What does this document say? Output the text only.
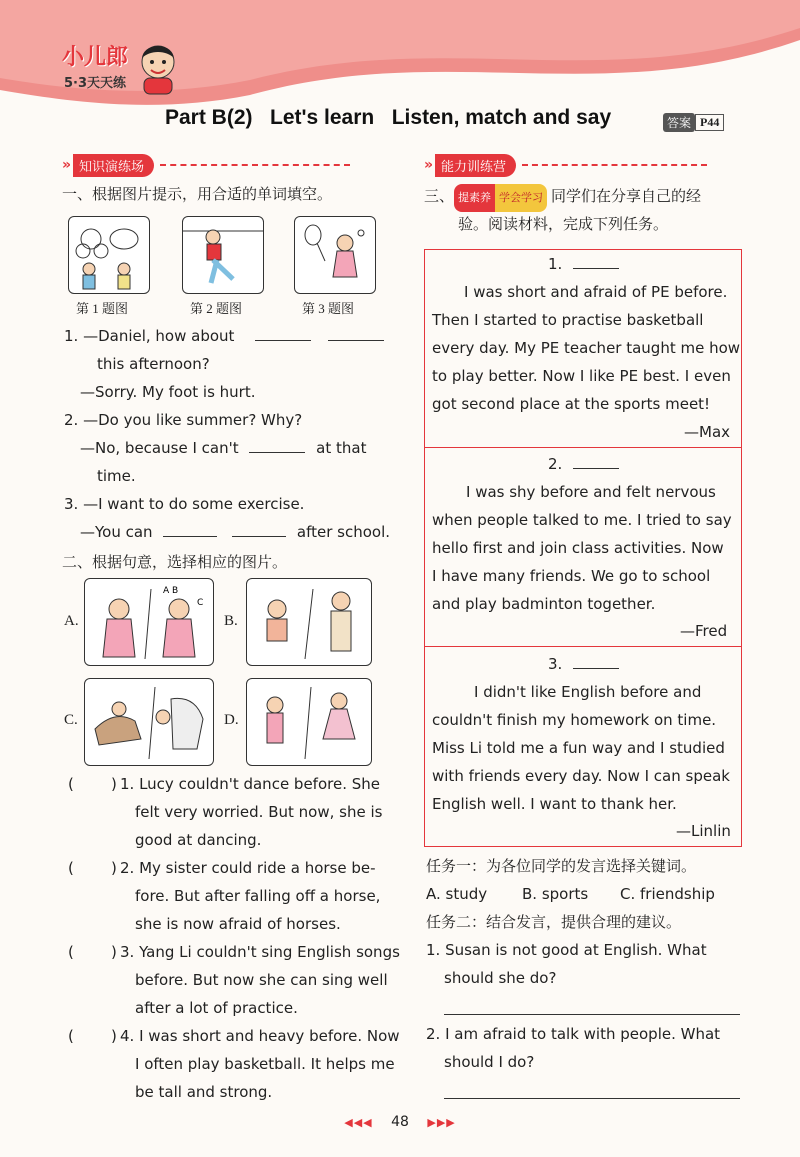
小儿郎
5·3天天练
Part B(2)   Let's learn   Listen, match and say	答案 P44
» 知识演练场
一、根据图片提示，用合适的单词填空。
第 1 题图	第 2 题图	第 3 题图
1. —Daniel, how about
this afternoon?
—Sorry. My foot is hurt.
2. —Do you like summer? Why?
—No, because I can't	at that
time.
3. —I want to do some exercise.
—You can	after school.
二、根据句意，选择相应的图片。
A.
A B
C
B.
C.	D.
( ) 1. Lucy couldn't dance before. She
felt very worried. But now, she is
good at dancing.
( ) 2. My sister could ride a horse be-
fore. But after falling off a horse,
she is now afraid of horses.
( ) 3. Yang Li couldn't sing English songs
before. But now she can sing well
after a lot of practice.
( ) 4. I was short and heavy before. Now
I often play basketball. It helps me
be tall and strong.
» 能力训练营
三、 提素养 学会学习 同学们在分享自己的经
验。阅读材料，完成下列任务。
1.
I was short and afraid of PE before.
Then I started to practise basketball
every day. My PE teacher taught me how
to play better. Now I like PE best. I even
got second place at the sports meet!
—Max
2.
I was shy before and felt nervous
when people talked to me. I tried to say
hello first and join class activities. Now
I have many friends. We go to school
and play badminton together.
—Fred
3.
I didn't like English before and
couldn't finish my homework on time.
Miss Li told me a fun way and I studied
with friends every day. Now I can speak
English well. I want to thank her.
—Linlin
任务一：为各位同学的发言选择关键词。
A. study B. sports C. friendship
任务二：结合发言，提供合理的建议。
1. Susan is not good at English. What
should she do?
2. I am afraid to talk with people. What
should I do?
◀◀◀ 48 ▶▶▶
